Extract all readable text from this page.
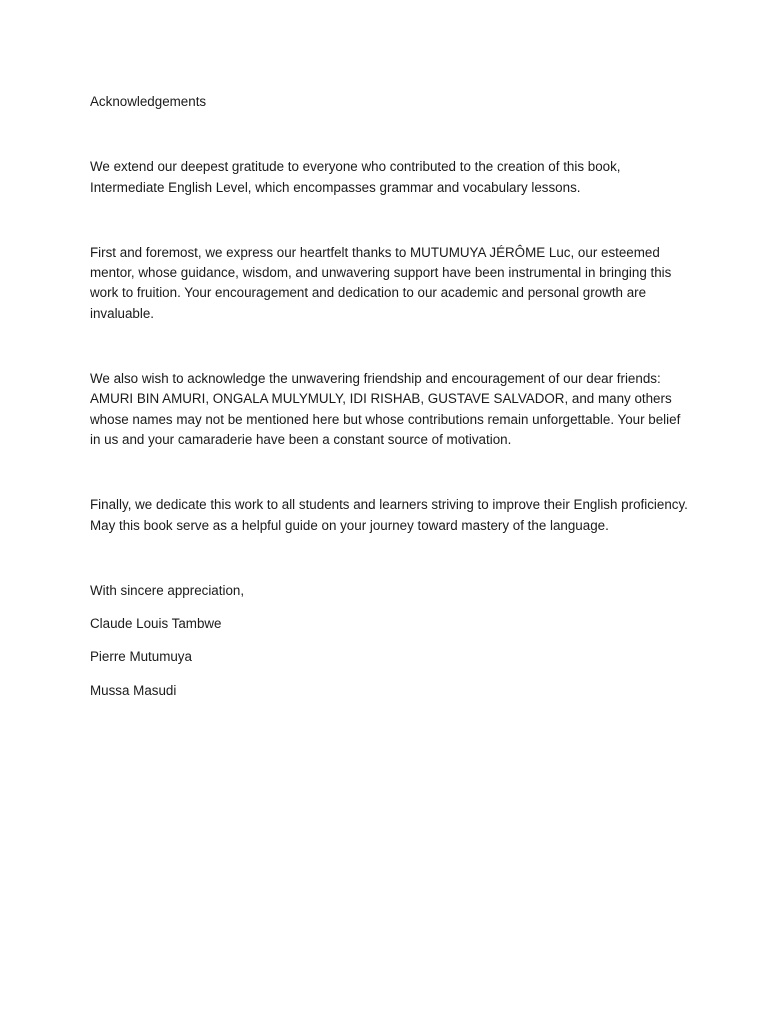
Acknowledgements

We extend our deepest gratitude to everyone who contributed to the creation of this book, Intermediate English Level, which encompasses grammar and vocabulary lessons.

First and foremost, we express our heartfelt thanks to MUTUMUYA JÉRÔME Luc, our esteemed mentor, whose guidance, wisdom, and unwavering support have been instrumental in bringing this work to fruition. Your encouragement and dedication to our academic and personal growth are invaluable.

We also wish to acknowledge the unwavering friendship and encouragement of our dear friends: AMURI BIN AMURI, ONGALA MULYMULY, IDI RISHAB, GUSTAVE SALVADOR, and many others whose names may not be mentioned here but whose contributions remain unforgettable. Your belief in us and your camaraderie have been a constant source of motivation.

Finally, we dedicate this work to all students and learners striving to improve their English proficiency. May this book serve as a helpful guide on your journey toward mastery of the language.

With sincere appreciation,

Claude Louis Tambwe

Pierre Mutumuya

Mussa Masudi
